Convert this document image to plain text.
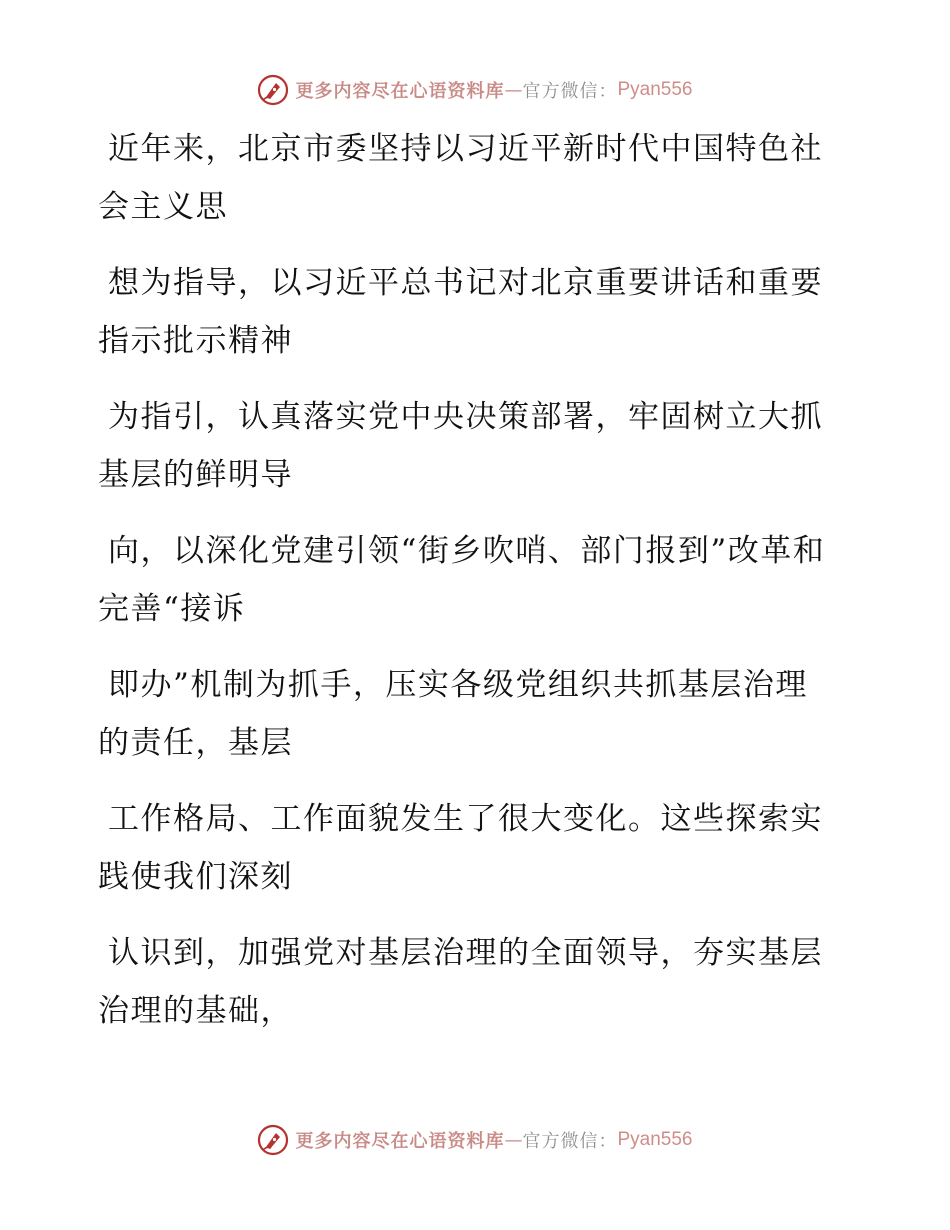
更多内容尽在心语资料库 — 官方微信： Pyan556

近年来，北京市委坚持以习近平新时代中国特色社会主义思

想为指导，以习近平总书记对北京重要讲话和重要指示批示精神

为指引，认真落实党中央决策部署，牢固树立大抓基层的鲜明导

向，以深化党建引领“街乡吹哨、部门报到”改革和完善“接诉

即办”机制为抓手，压实各级党组织共抓基层治理的责任，基层

工作格局、工作面貌发生了很大变化。这些探索实践使我们深刻

认识到，加强党对基层治理的全面领导，夯实基层治理的基础，

更多内容尽在心语资料库 — 官方微信： Pyan556
